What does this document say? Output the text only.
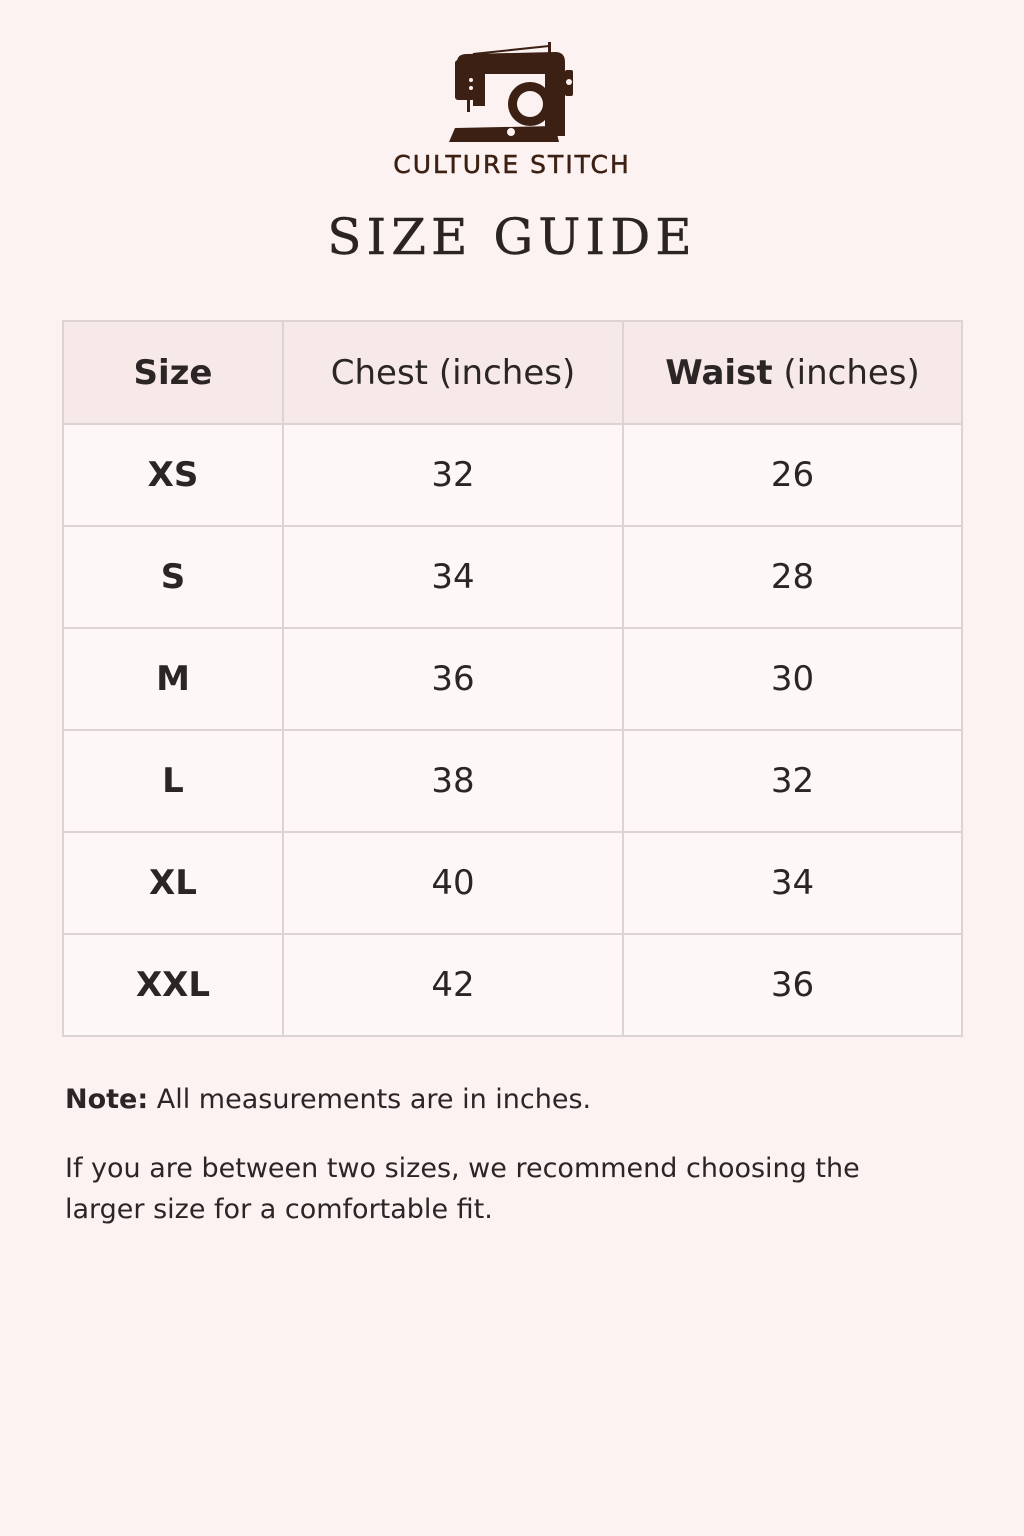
CULTURE STITCH
SIZE GUIDE
Size	Chest (inches)	Waist (inches)
XS	32	26
S	34	28
M	36	30
L	38	32
XL	40	34
XXL	42	36
Note: All measurements are in inches.
If you are between two sizes, we recommend choosing the larger size for a comfortable fit.
